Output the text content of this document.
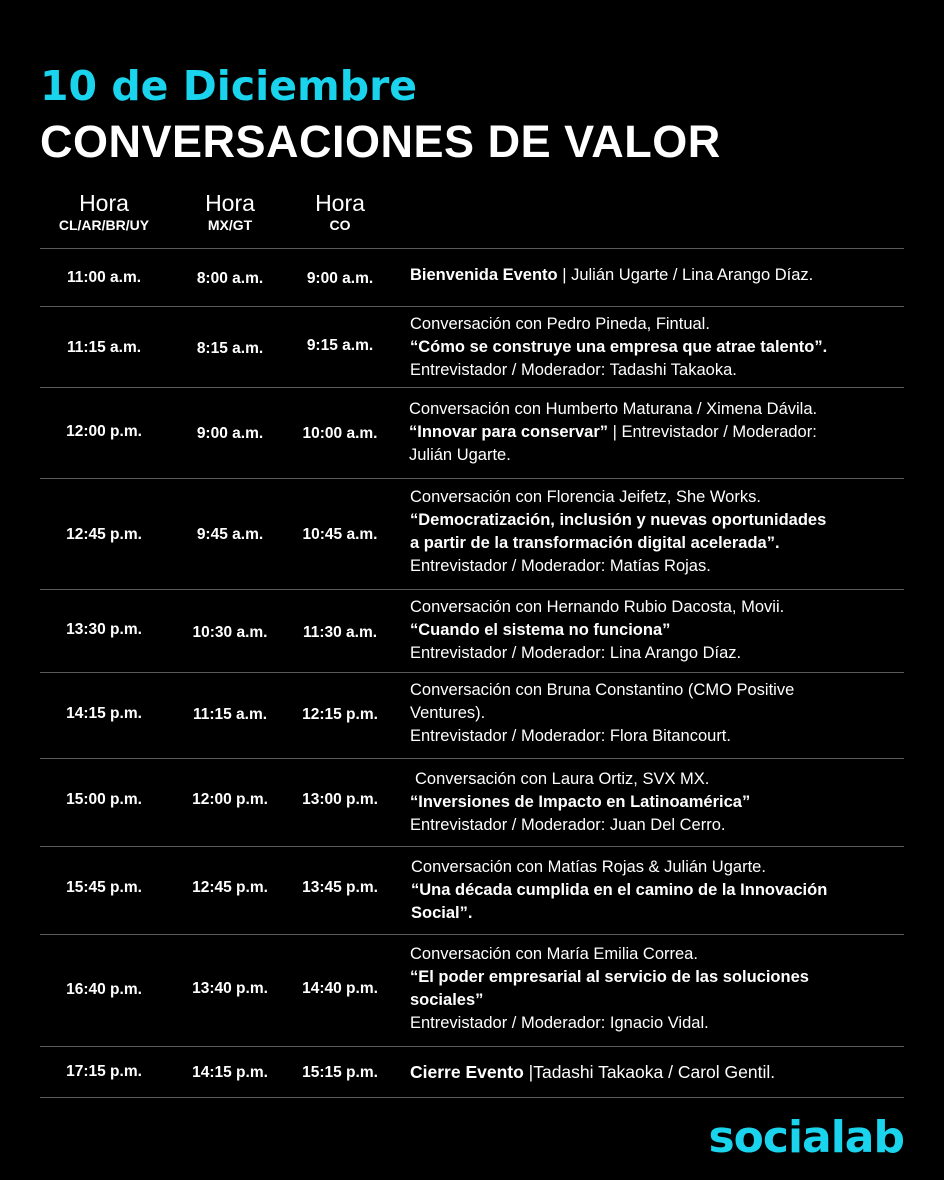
10 de Diciembre
CONVERSACIONES DE VALOR
Hora
CL/AR/BR/UY
Hora
MX/GT
Hora
CO
11:00 a.m.	8:00 a.m.	9:00 a.m.	Bienvenida Evento | Julián Ugarte / Lina Arango Díaz.
11:15 a.m.	8:15 a.m.	9:15 a.m.
Conversación con Pedro Pineda, Fintual.
“Cómo se construye una empresa que atrae talento”.
Entrevistador / Moderador: Tadashi Takaoka.
12:00 p.m.	9:00 a.m.	10:00 a.m.
Conversación con Humberto Maturana / Ximena Dávila.
“Innovar para conservar” | Entrevistador / Moderador:
Julián Ugarte.
12:45 p.m.	9:45 a.m.	10:45 a.m.
Conversación con Florencia Jeifetz, She Works.
“Democratización, inclusión y nuevas oportunidades
a partir de la transformación digital acelerada”.
Entrevistador / Moderador: Matías Rojas.
13:30 p.m.	10:30 a.m.	11:30 a.m.
Conversación con Hernando Rubio Dacosta, Movii.
“Cuando el sistema no funciona”
Entrevistador / Moderador: Lina Arango Díaz.
14:15 p.m.	11:15 a.m.	12:15 p.m.
Conversación con Bruna Constantino (CMO Positive
Ventures).
Entrevistador / Moderador: Flora Bitancourt.
15:00 p.m.	12:00 p.m.	13:00 p.m.
Conversación con Laura Ortiz, SVX MX.
“Inversiones de Impacto en Latinoamérica”
Entrevistador / Moderador: Juan Del Cerro.
15:45 p.m.	12:45 p.m.	13:45 p.m.
Conversación con Matías Rojas & Julián Ugarte.
“Una década cumplida en el camino de la Innovación
Social”.
16:40 p.m.	13:40 p.m.	14:40 p.m.
Conversación con María Emilia Correa.
“El poder empresarial al servicio de las soluciones
sociales”
Entrevistador / Moderador: Ignacio Vidal.
17:15 p.m.	14:15 p.m.	15:15 p.m.	Cierre Evento |Tadashi Takaoka / Carol Gentil.
socialab
